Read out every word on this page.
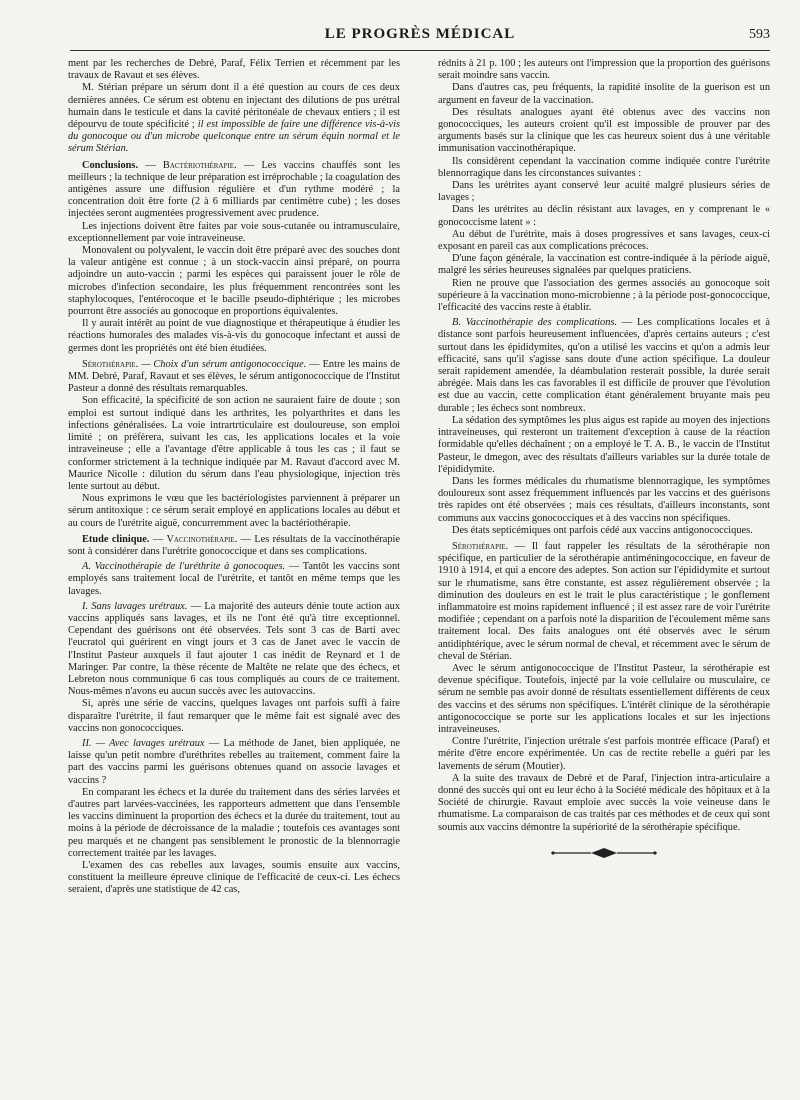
LE PROGRÈS MÉDICAL	593

ment par les recherches de Debré, Paraf, Félix Terrien et récemment par les travaux de Ravaut et ses élèves.

M. Stérian prépare un sérum dont il a été question au cours de ces deux dernières années. Ce sérum est obtenu en injectant des dilutions de pus urétral humain dans le testicule et dans la cavité péritonéale de chevaux entiers ; il est dépourvu de toute spécificité ; il est impossible de faire une différence vis-à-vis du gonocoque ou d'un microbe quelconque entre un sérum équin normal et le sérum Stérian.

Conclusions. — Bactériothérapie. — Les vaccins chauffés sont les meilleurs ; la technique de leur préparation est irréprochable ; la coagulation des antigènes assure une diffusion régulière et d'un rythme modéré ; la concentration doit être forte (2 à 6 milliards par centimètre cube) ; les doses injectées seront augmentées progressivement avec prudence.

Les injections doivent être faites par voie sous-cutanée ou intramusculaire, exceptionnellement par voie intraveineuse.

Monovalent ou polyvalent, le vaccin doit être préparé avec des souches dont la valeur antigène est connue ; à un stock-vaccin ainsi préparé, on pourra adjoindre un auto-vaccin ; parmi les espèces qui paraissent jouer le rôle de microbes d'infection secondaire, les plus fréquemment rencontrées sont les staphylocoques, l'entérocoque et le bacille pseudo-diphtérique ; les microbes pourront être associés au gonocoque en proportions équivalentes.

Il y aurait intérêt au point de vue diagnostique et thérapeutique à étudier les réactions humorales des malades vis-à-vis du gonocoque infectant et aussi de germes dont les propriétés ont été bien étudiées.

Sérothérapie. — Choix d'un sérum antigonococcique. — Entre les mains de MM. Debré, Paraf, Ravaut et ses élèves, le sérum antigonococcique de l'Institut Pasteur a donné des résultats remarquables.

Son efficacité, la spécificité de son action ne sauraient faire de doute ; son emploi est surtout indiqué dans les arthrites, les polyarthrites et dans les infections généralisées. La voie intrartrticulaire est douloureuse, son emploi limité ; on préfèrera, suivant les cas, les applications locales et la voie intraveineuse ; elle a l'avantage d'être applicable à tous les cas ; il faut se conformer strictement à la technique indiquée par M. Ravaut d'accord avec M. Maurice Nicolle : dilution du sérum dans l'eau physiologique, injection très lente surtout au début.

Nous exprimons le vœu que les bactériologistes parviennent à préparer un sérum antitoxique : ce sérum serait employé en applications locales au début et au cours de l'urétrite aiguë, concurremment avec la bactériothérapie.

Etude clinique. — Vaccinothérapie. — Les résultats de la vaccinothérapie sont à considérer dans l'urétrite gonococcique et dans ses complications.

A. Vaccinothérapie de l'uréthrite à gonocoques. — Tantôt les vaccins sont employés sans traitement local de l'urétrite, et tantôt en même temps que les lavages.

I. Sans lavages urétraux. — La majorité des auteurs dénie toute action aux vaccins appliqués sans lavages, et ils ne l'ont été qu'à titre exceptionnel. Cependant des guérisons ont été observées. Tels sont 3 cas de Barti avec l'eucratol qui guérirent en vingt jours et 3 cas de Janet avec le vaccin de l'Institut Pasteur auxquels il faut ajouter 1 cas inédit de Reynard et 1 de Maringer. Par contre, la thèse récente de Maltête ne relate que des échecs, et Lebreton nous communique 6 cas tous compliqués au cours de ce traitement. Nous-mêmes n'avons eu aucun succès avec les autovaccins.

Si, après une série de vaccins, quelques lavages ont parfois suffi à faire disparaître l'urétrite, il faut remarquer que le même fait est signalé avec des vaccins non gonococciques.

II. — Avec lavages urétraux — La méthode de Janet, bien appliquée, ne laisse qu'un petit nombre d'uréthrites rebelles au traitement, comment faire la part des vaccins parmi les guérisons obtenues quand on associe lavages et vaccins ?

En comparant les échecs et la durée du traitement dans des séries larvées et d'autres part larvées-vaccinées, les rapporteurs admettent que dans l'ensemble les vaccins diminuent la proportion des échecs et la durée du traitement, tout au moins à la période de décroissance de la maladie ; toutefois ces avantages sont peu marqués et ne changent pas sensiblement le pronostic de la blennorragie correctement traitée par les lavages.

L'examen des cas rebelles aux lavages, soumis ensuite aux vaccins, constituent la meilleure épreuve clinique de l'efficacité de ceux-ci. Les échecs seraient, d'après une statistique de 42 cas,

rédnits à 21 p. 100 ; les auteurs ont l'impression que la proportion des guérisons serait moindre sans vaccin.

Dans d'autres cas, peu fréquents, la rapidité insolite de la guerison est un argument en faveur de la vaccination.

Des résultats analogues ayant été obtenus avec des vaccins non gonococciques, les auteurs croient qu'il est impossible de prouver par des arguments basés sur la clinique que les cas heureux soient dus à une véritable immunisation vaccinothérapique.

Ils considèrent cependant la vaccination comme indiquée contre l'urétrite blennorragique dans les circonstances suivantes :

Dans les urétrites ayant conservé leur acuité malgré plusieurs séries de lavages ;

Dans les urétrites au déclin résistant aux lavages, en y comprenant le « gonococcisme latent » :

Au début de l'urétrite, mais à doses progressives et sans lavages, ceux-ci exposant en pareil cas aux complications précoces.

D'une façon générale, la vaccination est contre-indiquée à la période aiguë, malgré les séries heureuses signalées par quelques praticiens.

Rien ne prouve que l'association des germes associés au gonocoque soit supérieure à la vaccination mono-microbienne ; à la période post-gonococcique, l'efficacité des vaccins reste à établir.

B. Vaccinothérapie des complications. — Les complications locales et à distance sont parfois heureusement influencées, d'après certains auteurs ; c'est surtout dans les épididymites, qu'on a utilisé les vaccins et qu'on a admis leur efficacité, sans qu'il s'agisse sans doute d'une action spécifique. La douleur serait rapidement amendée, la déambulation resterait possible, la durée serait abrégée. Mais dans les cas favorables il est difficile de prouver que l'évolution est due au vaccin, cette complication étant généralement bruyante mais peu durable ; les échecs sont nombreux.

La sédation des symptômes les plus aigus est rapide au moyen des injections intraveineuses, qui resteront un traitement d'exception à cause de la réaction formidable qu'elles déchaînent ; on a employé le T. A. B., le vaccin de l'Institut Pasteur, le dmegon, avec des résultats d'ailleurs variables sur la durée totale de l'épididymite.

Dans les formes médicales du rhumatisme blennorragique, les symptômes douloureux sont assez fréquemment influencés par les vaccins et des guérisons très rapides ont été observées ; mais ces résultats, d'ailleurs inconstants, sont communs aux vaccins gonococciques et à des vaccins non spécifiques.

Des états septicémiques ont parfois cédé aux vaccins antigonococciques.

Sérothérapie. — Il faut rappeler les résultats de la sérothérapie non spécifique, en particulier de la sérothérapie antiméningococcique, en faveur de 1910 à 1914, et qui a encore des adeptes. Son action sur l'épididymite et surtout sur le rhumatisme, sans être constante, est assez régulièrement observée ; la diminution des douleurs en est le trait le plus caractéristique ; le gonflement inflammatoire est moins rapidement influencé ; il est assez rare de voir l'urétrite modifiée ; cependant on a parfois noté la disparition de l'écoulement même sans traitement local. Des faits analogues ont été observés avec le sérum antidiphtérique, avec le sérum normal de cheval, et récemment avec le sérum de cheval de Stérian.

Avec le sérum antigonococcique de l'Institut Pasteur, la sérothérapie est devenue spécifique. Toutefois, injecté par la voie cellulaire ou musculaire, ce sérum ne semble pas avoir donné de résultats essentiellement différents de ceux des vaccins et des sérums non spécifiques. L'intérêt clinique de la sérothérapie antigonococcique se porte sur les applications locales et sur les injections intraveineuses.

Contre l'urétrite, l'injection urétrale s'est parfois montrée efficace (Paraf) et mérite d'être encore expérimentée. Un cas de rectite rebelle a guéri par les lavements de sérum (Moutier).

A la suite des travaux de Debré et de Paraf, l'injection intra-articulaire a donné des succès qui ont eu leur écho à la Société médicale des hôpitaux et à la Société de chirurgie. Ravaut emploie avec succès la voie veineuse dans le rhumatisme. La comparaison de cas traités par ces méthodes et de ceux qui sont soumis aux vaccins démontre la supériorité de la sérothérapie spécifique.
